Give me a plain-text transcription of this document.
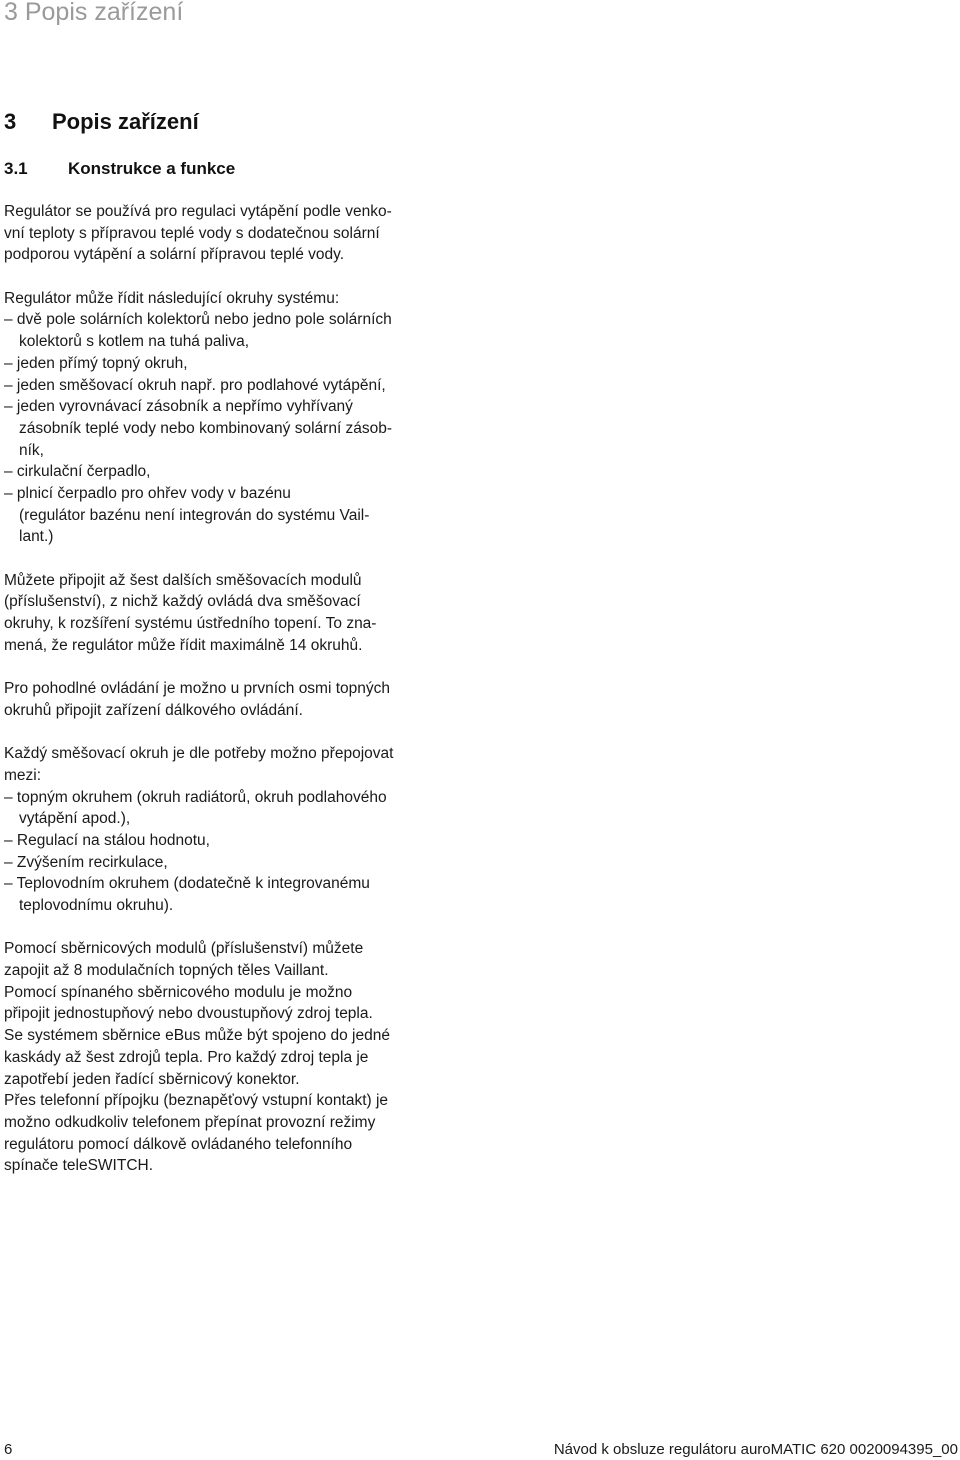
3 Popis zařízení
3 Popis zařízení
3.1 Konstrukce a funkce
Regulátor se používá pro regulaci vytápění podle venko-
vní teploty s přípravou teplé vody s dodatečnou solární
podporou vytápění a solární přípravou teplé vody.
Regulátor může řídit následující okruhy systému:
– dvě pole solárních kolektorů nebo jedno pole solárních
kolektorů s kotlem na tuhá paliva,
– jeden přímý topný okruh,
– jeden směšovací okruh např. pro podlahové vytápění,
– jeden vyrovnávací zásobník a nepřímo vyhřívaný
zásobník teplé vody nebo kombinovaný solární zásob-
ník,
– cirkulační čerpadlo,
– plnicí čerpadlo pro ohřev vody v bazénu
(regulátor bazénu není integrován do systému Vail-
lant.)
Můžete připojit až šest dalších směšovacích modulů
(příslušenství), z nichž každý ovládá dva směšovací
okruhy, k rozšíření systému ústředního topení. To zna-
mená, že regulátor může řídit maximálně 14 okruhů.
Pro pohodlné ovládání je možno u prvních osmi topných
okruhů připojit zařízení dálkového ovládání.
Každý směšovací okruh je dle potřeby možno přepojovat
mezi:
– topným okruhem (okruh radiátorů, okruh podlahového
vytápění apod.),
– Regulací na stálou hodnotu,
– Zvýšením recirkulace,
– Teplovodním okruhem (dodatečně k integrovanému
teplovodnímu okruhu).
Pomocí sběrnicových modulů (příslušenství) můžete
zapojit až 8 modulačních topných těles Vaillant.
Pomocí spínaného sběrnicového modulu je možno
připojit jednostupňový nebo dvoustupňový zdroj tepla.
Se systémem sběrnice eBus může být spojeno do jedné
kaskády až šest zdrojů tepla. Pro každý zdroj tepla je
zapotřebí jeden řadící sběrnicový konektor.
Přes telefonní přípojku (beznapěťový vstupní kontakt) je
možno odkudkoliv telefonem přepínat provozní režimy
regulátoru pomocí dálkově ovládaného telefonního
spínače teleSWITCH.
6	Návod k obsluze regulátoru auroMATIC 620 0020094395_00
